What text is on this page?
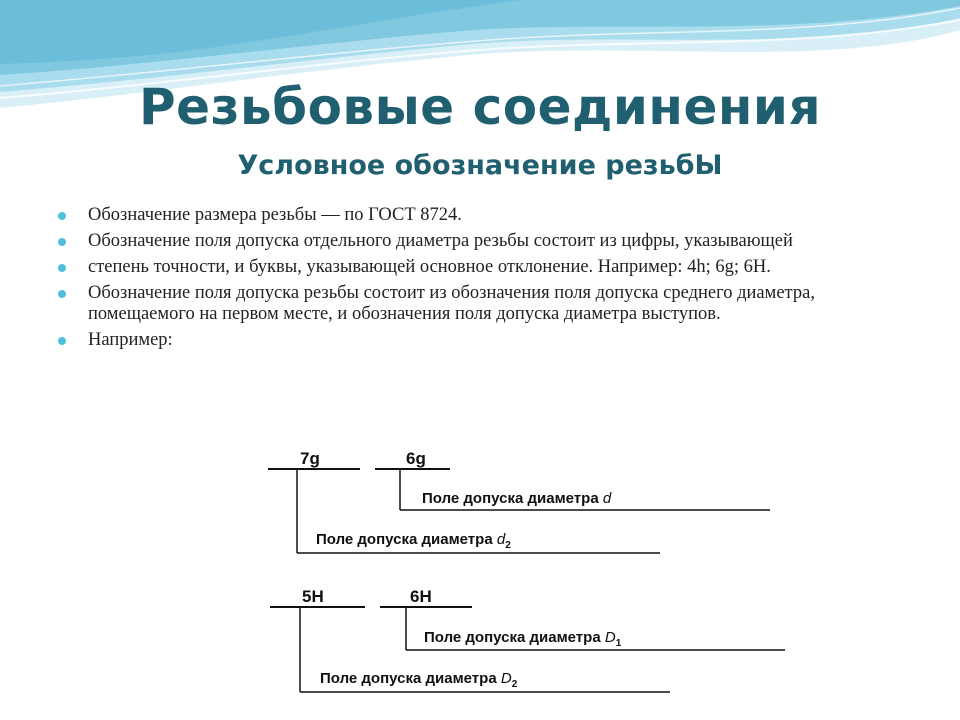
Резьбовые соединения
Условное обозначение резьбЫ
Обозначение размера резьбы — по ГОСТ 8724.
Обозначение поля допуска отдельного диаметра резьбы состоит из цифры, указывающей
степень точности, и буквы, указывающей основное отклонение. Например: 4h; 6g; 6H.
Обозначение поля допуска резьбы состоит из обозначения поля допуска среднего диаметра, помещаемого на первом месте, и обозначения поля допуска диаметра выступов.
Например:
7g	6g
Поле допуска диаметра d
Поле допуска диаметра $d_2$
5H	6H
Поле допуска диаметра $D_1$
Поле допуска диаметра $D_2$
